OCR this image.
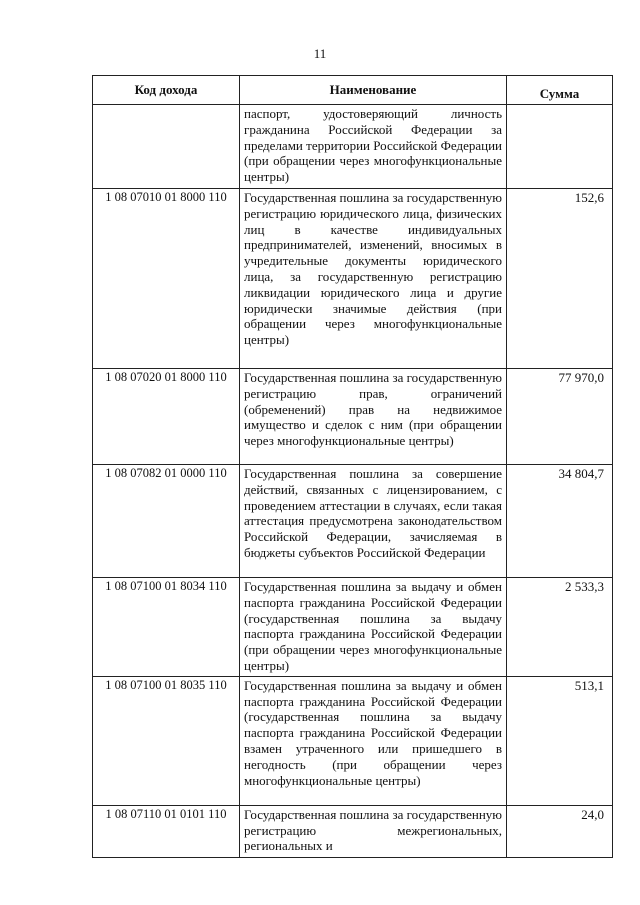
11
Код дохода	Наименование	Сумма
	паспорт, удостоверяющий личность гражданина Российской Федерации за пределами территории Российской Федерации (при обращении через многофункциональные центры)	
1 08 07010 01 8000 110	Государственная пошлина за государственную регистрацию юридического лица, физических лиц в качестве индивидуальных предпринимателей, изменений, вносимых в учредительные документы юридического лица, за государственную регистрацию ликвидации юридического лица и другие юридически значимые действия (при обращении через многофункциональные центры)	152,6
1 08 07020 01 8000 110	Государственная пошлина за государственную регистрацию прав, ограничений (обременений) прав на недвижимое имущество и сделок с ним (при обращении через многофункциональные центры)	77 970,0
1 08 07082 01 0000 110	Государственная пошлина за совершение действий, связанных с лицензированием, с проведением аттестации в случаях, если такая аттестация предусмотрена законодательством Российской Федерации, зачисляемая в бюджеты субъектов Российской Федерации	34 804,7
1 08 07100 01 8034 110	Государственная пошлина за выдачу и обмен паспорта гражданина Российской Федерации (государственная пошлина за выдачу паспорта гражданина Российской Федерации (при обращении через многофункциональные центры)	2 533,3
1 08 07100 01 8035 110	Государственная пошлина за выдачу и обмен паспорта гражданина Российской Федерации (государственная пошлина за выдачу паспорта гражданина Российской Федерации взамен утраченного или пришедшего в негодность (при обращении через многофункциональные центры)	513,1
1 08 07110 01 0101 110	Государственная пошлина за государственную регистрацию межрегиональных, региональных и	24,0
